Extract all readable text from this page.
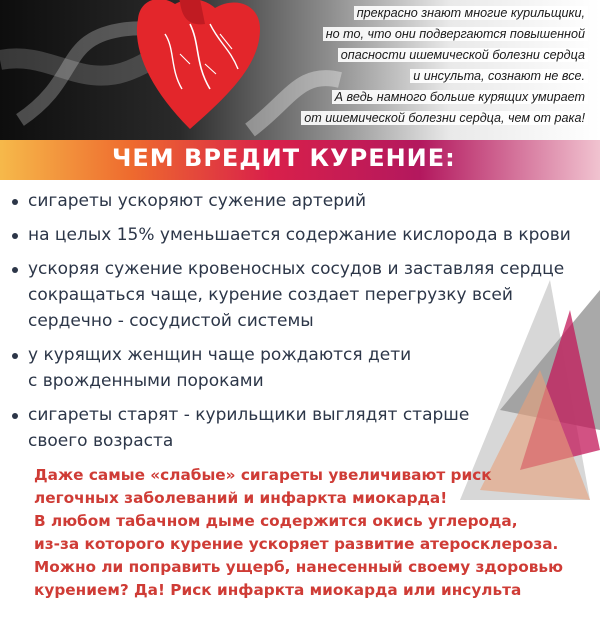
прекрасно знают многие курильщики,
но то, что они подвергаются повышенной
опасности ишемической болезни сердца
и инсульта, сознают не все.
А ведь намного больше курящих умирает
от ишемической болезни сердца, чем от рака!
ЧЕМ ВРЕДИТ КУРЕНИЕ:
сигареты ускоряют сужение артерий
на целых 15% уменьшается содержание кислорода в крови
ускоряя сужение кровеносных сосудов и заставляя сердце
сокращаться чаще, курение создает перегрузку всей
сердечно - сосудистой системы
у курящих женщин чаще рождаются дети
с врожденными пороками
сигареты старят - курильщики выглядят старше
своего возраста
Даже самые «слабые» сигареты увеличивают риск
легочных заболеваний и инфаркта миокарда!
В любом табачном дыме содержится окись углерода,
из-за которого курение ускоряет развитие атеросклероза.
Можно ли поправить ущерб, нанесенный своему здоровью
курением? Да! Риск инфаркта миокарда или инсульта
